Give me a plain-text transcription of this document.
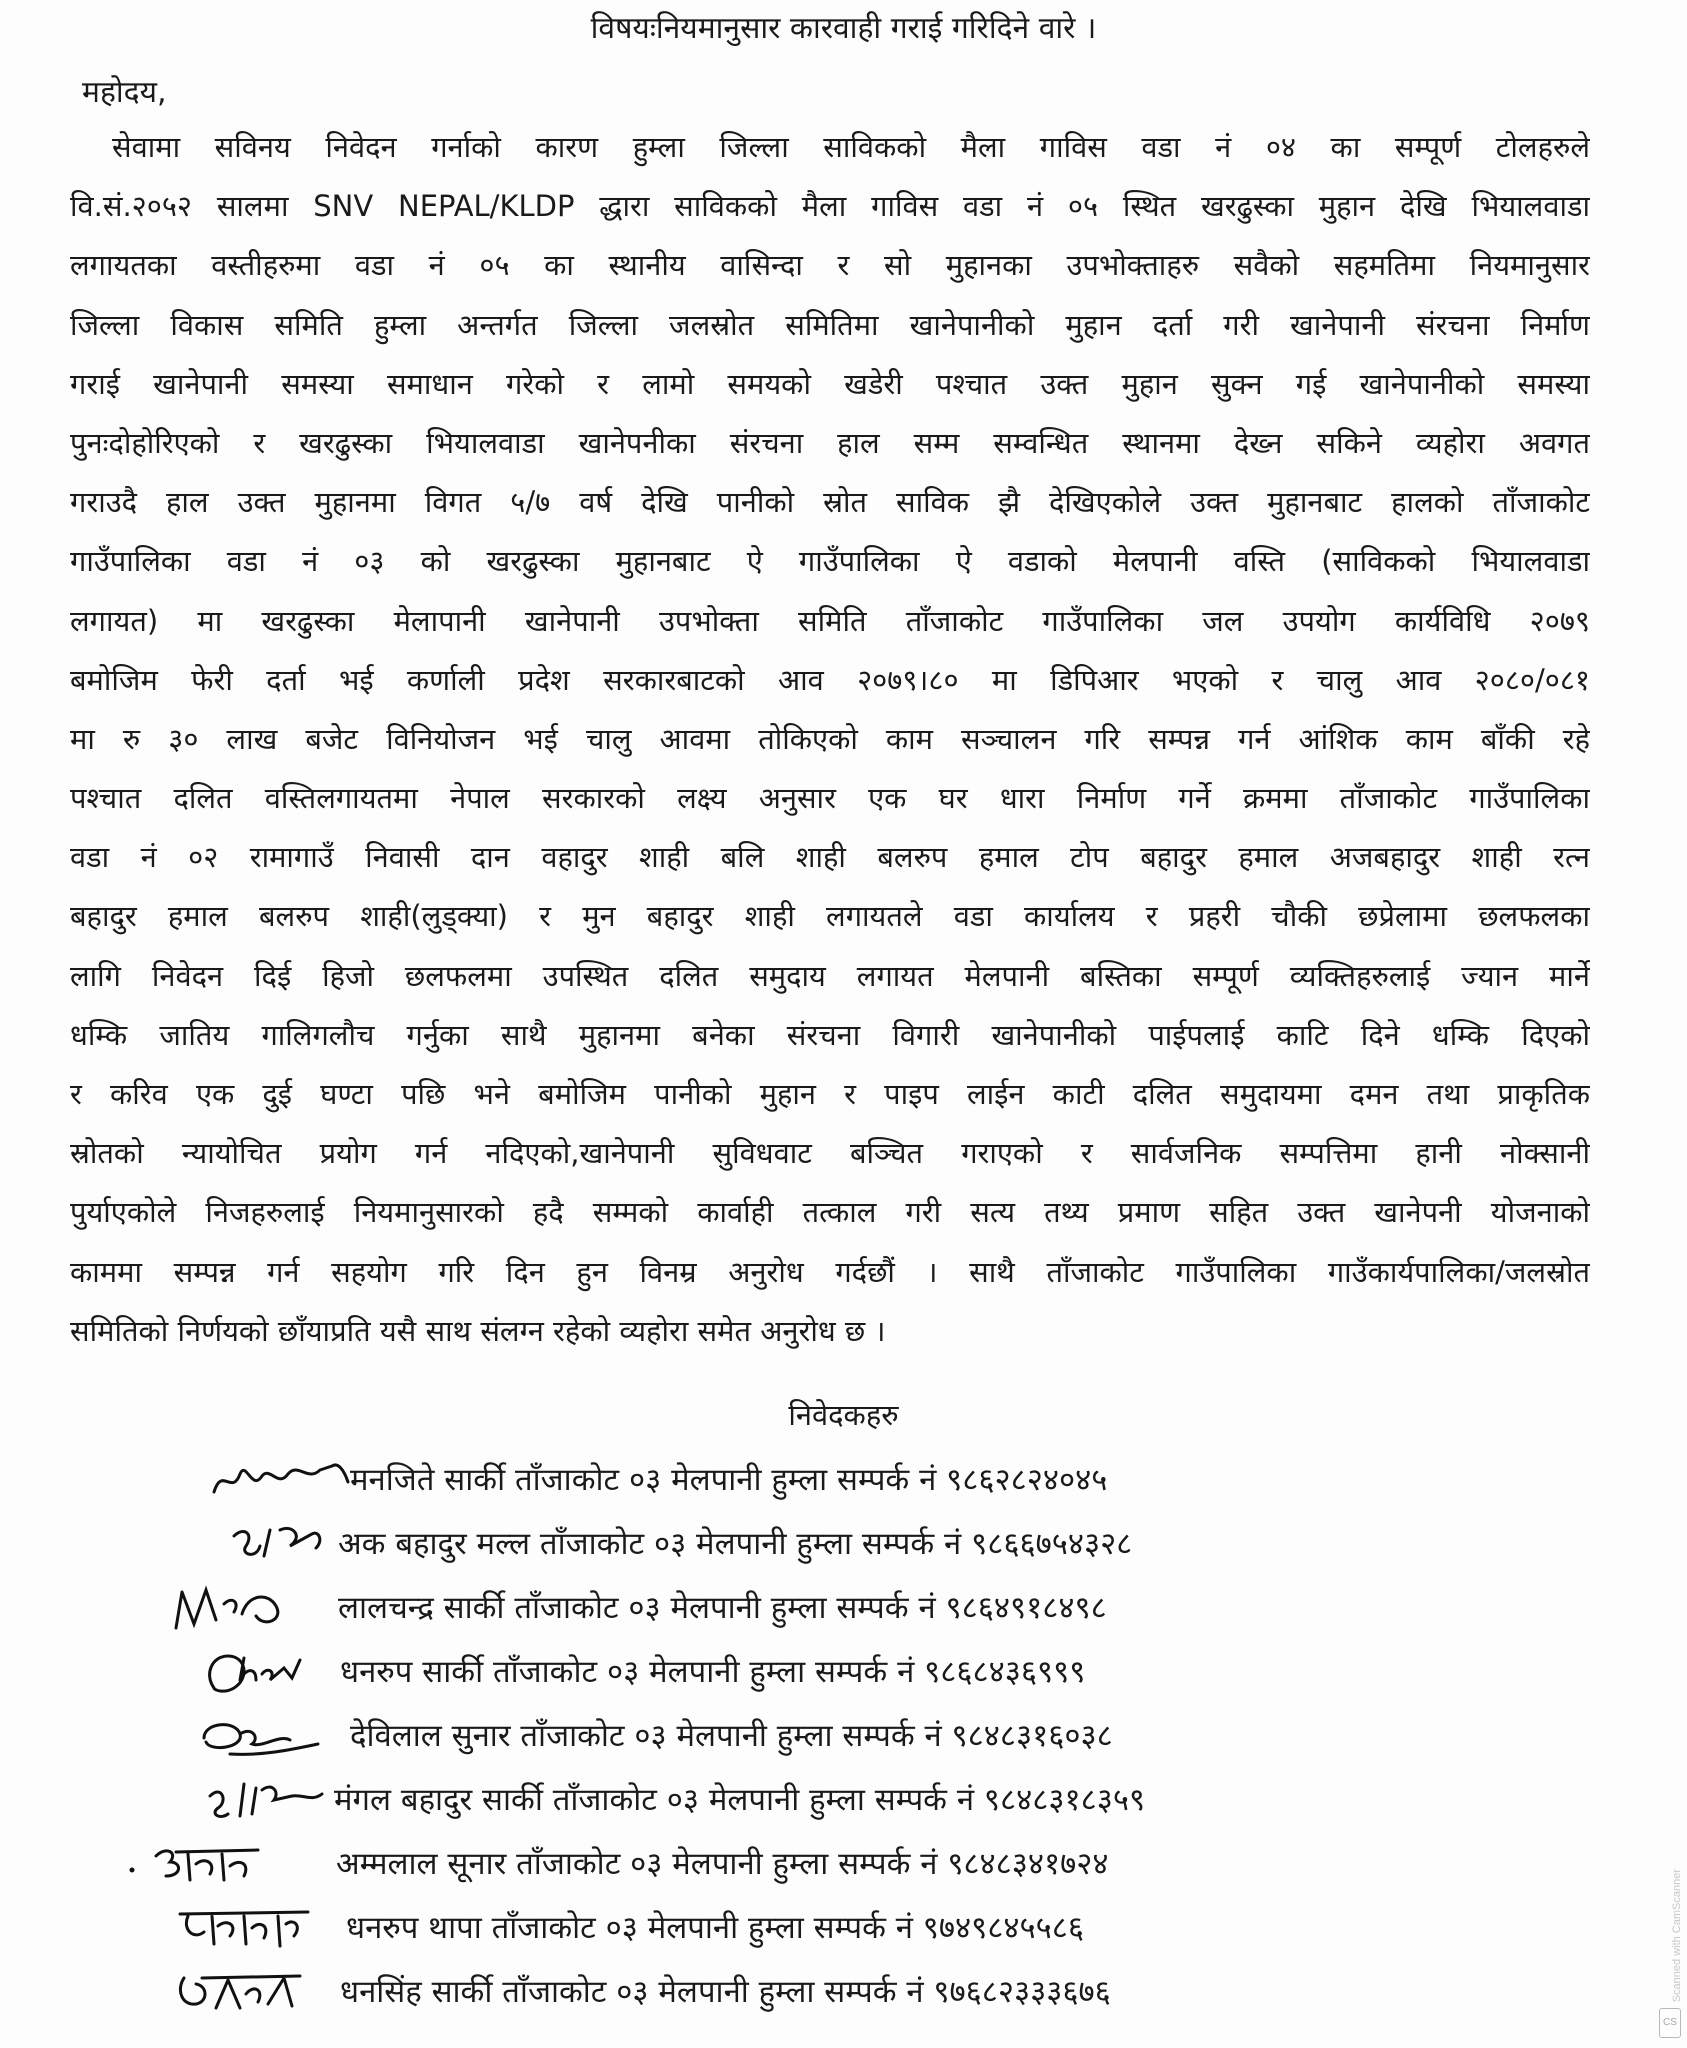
विषयःनियमानुसार कारवाही गराई गरिदिने वारे ।
महोदय,
सेवामा सविनय निवेदन गर्नाको कारण हुम्ला जिल्ला साविकको मैला गाविस वडा नं ०४ का सम्पूर्ण टोलहरुले
वि.सं.२०५२ सालमा SNV NEPAL/KLDP द्धारा साविकको मैला गाविस वडा नं ०५ स्थित खरढुस्का मुहान देखि भियालवाडा
लगायतका वस्तीहरुमा वडा नं ०५ का स्थानीय वासिन्दा र सो मुहानका उपभोक्ताहरु सवैको सहमतिमा नियमानुसार
जिल्ला विकास समिति हुम्ला अन्तर्गत जिल्ला जलस्रोत समितिमा खानेपानीको मुहान दर्ता गरी खानेपानी संरचना निर्माण
गराई खानेपानी समस्या समाधान गरेको र लामो समयको खडेरी पश्चात उक्त मुहान सुक्न गई खानेपानीको समस्या
पुनःदोहोरिएको र खरढुस्का भियालवाडा खानेपनीका संरचना हाल सम्म सम्वन्धित स्थानमा देख्न सकिने व्यहोरा अवगत
गराउदै हाल उक्त मुहानमा विगत ५/७ वर्ष देखि पानीको स्रोत साविक झै देखिएकोले उक्त मुहानबाट हालको ताँजाकोट
गाउँपालिका वडा नं ०३ को खरढुस्का मुहानबाट ऐ गाउँपालिका ऐ वडाको मेलपानी वस्ति (साविकको भियालवाडा
लगायत) मा खरढुस्का मेलापानी खानेपानी उपभोक्ता समिति ताँजाकोट गाउँपालिका जल उपयोग कार्यविधि २०७९
बमोजिम फेरी दर्ता भई कर्णाली प्रदेश सरकारबाटको आव २०७९।८० मा डिपिआर भएको र चालु आव २०८०/०८१
मा रु ३० लाख बजेट विनियोजन भई चालु आवमा तोकिएको काम सञ्चालन गरि सम्पन्न गर्न आंशिक काम बाँकी रहे
पश्चात दलित वस्तिलगायतमा नेपाल सरकारको लक्ष्य अनुसार एक घर धारा निर्माण गर्ने क्रममा ताँजाकोट गाउँपालिका
वडा नं ०२ रामागाउँ निवासी दान वहादुर शाही बलि शाही बलरुप हमाल टोप बहादुर हमाल अजबहादुर शाही रत्न
बहादुर हमाल बलरुप शाही(लुड्क्या) र मुन बहादुर शाही लगायतले वडा कार्यालय र प्रहरी चौकी छप्रेलामा छलफलका
लागि निवेदन दिई हिजो छलफलमा उपस्थित दलित समुदाय लगायत मेलपानी बस्तिका सम्पूर्ण व्यक्तिहरुलाई ज्यान मार्ने
धम्कि जातिय गालिगलौच गर्नुका साथै मुहानमा बनेका संरचना विगारी खानेपानीको पाईपलाई काटि दिने धम्कि दिएको
र करिव एक दुई घण्टा पछि भने बमोजिम पानीको मुहान र पाइप लाईन काटी दलित समुदायमा दमन तथा प्राकृतिक
स्रोतको न्यायोचित प्रयोग गर्न नदिएको,खानेपानी सुविधवाट बञ्चित गराएको र सार्वजनिक सम्पत्तिमा हानी नोक्सानी
पुर्याएकोले निजहरुलाई नियमानुसारको हदै सम्मको कार्वाही तत्काल गरी सत्य तथ्य प्रमाण सहित उक्त खानेपनी योजनाको
काममा सम्पन्न गर्न सहयोग गरि दिन हुन विनम्र अनुरोध गर्दछौं । साथै ताँजाकोट गाउँपालिका गाउँकार्यपालिका/जलस्रोत
समितिको निर्णयको छाँयाप्रति यसै साथ संलग्न रहेको व्यहोरा समेत अनुरोध छ ।
निवेदकहरु
मनजिते सार्की ताँजाकोट ०३ मेलपानी हुम्ला सम्पर्क नं ९८६२८२४०४५
अक बहादुर मल्ल ताँजाकोट ०३ मेलपानी हुम्ला सम्पर्क नं ९८६६७५४३२८
लालचन्द्र सार्की ताँजाकोट ०३ मेलपानी हुम्ला सम्पर्क नं ९८६४९१८४९८
धनरुप सार्की ताँजाकोट ०३ मेलपानी हुम्ला सम्पर्क नं ९८६८४३६९९९
देविलाल सुनार ताँजाकोट ०३ मेलपानी हुम्ला सम्पर्क नं ९८४८३१६०३८
मंगल बहादुर सार्की ताँजाकोट ०३ मेलपानी हुम्ला सम्पर्क नं ९८४८३१८३५९
अम्मलाल सूनार ताँजाकोट ०३ मेलपानी हुम्ला सम्पर्क नं ९८४८३४१७२४
धनरुप थापा ताँजाकोट ०३ मेलपानी हुम्ला सम्पर्क नं ९७४९८४५५८६
धनसिंह सार्की ताँजाकोट ०३ मेलपानी हुम्ला सम्पर्क नं ९७६८२३३३६७६	Scanned with CamScanner
CS
